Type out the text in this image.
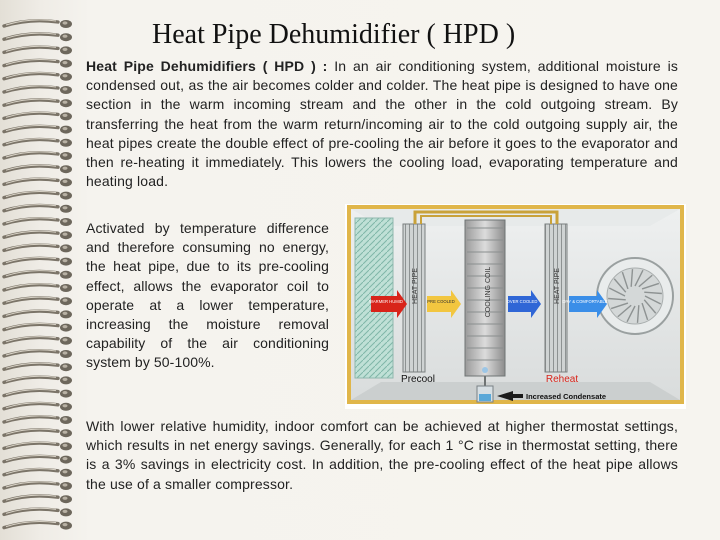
Heat Pipe Dehumidifier ( HPD )
Heat Pipe Dehumidifiers ( HPD ) : In an air conditioning system, additional moisture is condensed out, as the air becomes colder and colder. The heat pipe is designed to have one section in the warm incoming stream and the other in the cold outgoing stream. By transferring the heat from the warm return/incoming air to the cold outgoing supply air, the heat pipes create the double effect of pre-cooling the air before it goes to the evaporator and then re-heating it immediately. This lowers the cooling load, evaporating temperature and heating load.
Activated by temperature difference and therefore consuming no energy, the heat pipe, due to its pre-cooling effect, allows the evaporator coil to operate at a lower temperature, increasing the moisture removal capability of the air conditioning system by 50-100%.
HEAT PIPE	COOLING COIL	HEAT PIPE
WARMER HUMID	PRE COOLED	OVER COOLED	DRY & COMFORTABLE
Precool	Reheat
Increased Condensate
With lower relative humidity, indoor comfort can be achieved at higher thermostat settings, which results in net energy savings. Generally, for each 1 °C rise in thermostat setting, there is a 3% savings in electricity cost. In addition, the pre-cooling effect of the heat pipe allows the use of a smaller compressor.
